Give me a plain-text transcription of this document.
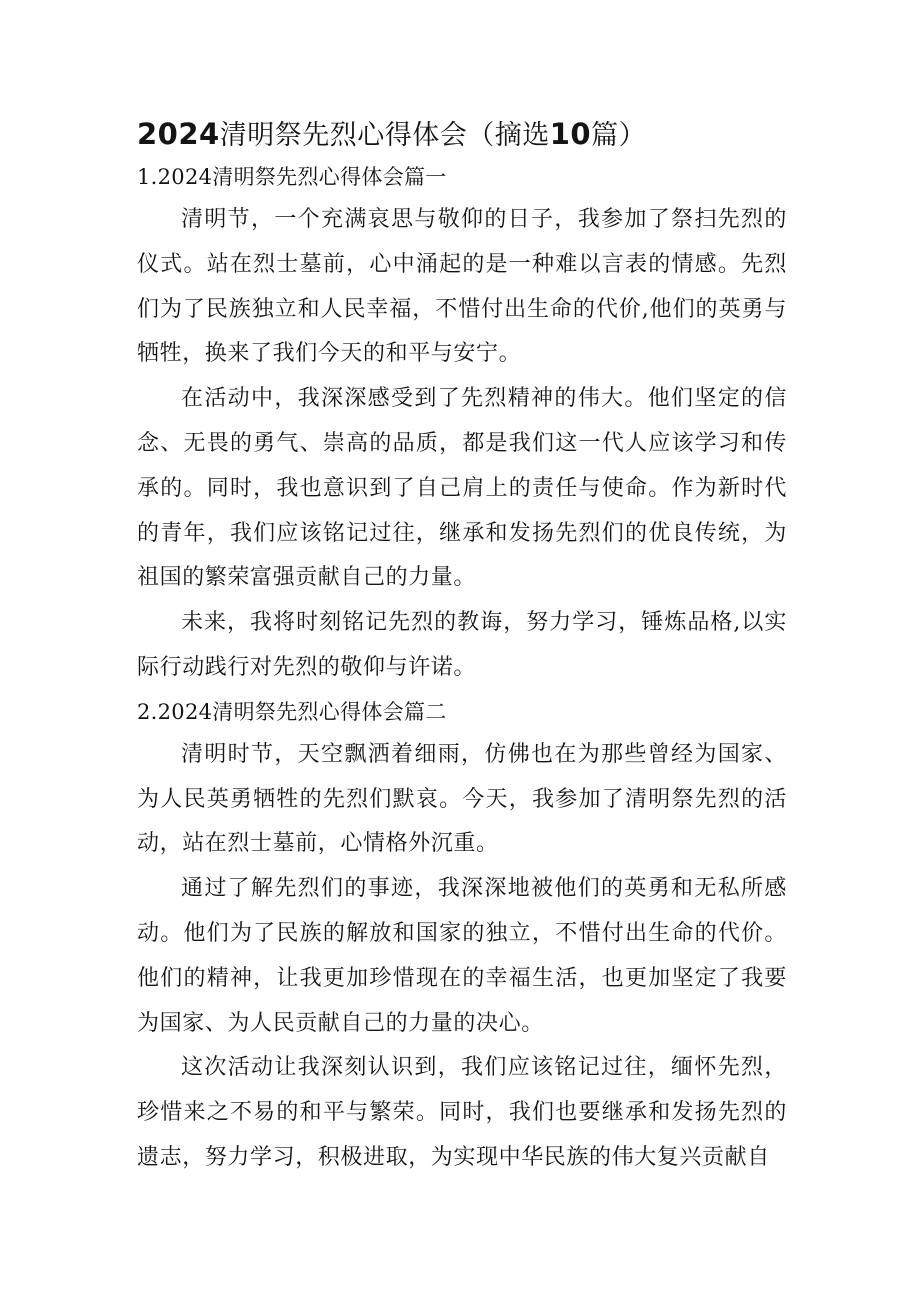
2024清明祭先烈心得体会（摘选10篇）
1.2024清明祭先烈心得体会篇一

清明节，一个充满哀思与敬仰的日子，我参加了祭扫先烈的仪式。站在烈士墓前，心中涌起的是一种难以言表的情感。先烈们为了民族独立和人民幸福，不惜付出生命的代价,他们的英勇与牺牲，换来了我们今天的和平与安宁。

在活动中，我深深感受到了先烈精神的伟大。他们坚定的信念、无畏的勇气、崇高的品质，都是我们这一代人应该学习和传承的。同时，我也意识到了自己肩上的责任与使命。作为新时代的青年，我们应该铭记过往，继承和发扬先烈们的优良传统，为祖国的繁荣富强贡献自己的力量。

未来，我将时刻铭记先烈的教诲，努力学习，锤炼品格,以实际行动践行对先烈的敬仰与许诺。

2.2024清明祭先烈心得体会篇二

清明时节，天空飘洒着细雨，仿佛也在为那些曾经为国家、为人民英勇牺牲的先烈们默哀。今天，我参加了清明祭先烈的活动，站在烈士墓前，心情格外沉重。

通过了解先烈们的事迹，我深深地被他们的英勇和无私所感动。他们为了民族的解放和国家的独立，不惜付出生命的代价。他们的精神，让我更加珍惜现在的幸福生活，也更加坚定了我要为国家、为人民贡献自己的力量的决心。

这次活动让我深刻认识到，我们应该铭记过往，缅怀先烈，珍惜来之不易的和平与繁荣。同时，我们也要继承和发扬先烈的遗志，努力学习，积极进取，为实现中华民族的伟大复兴贡献自
